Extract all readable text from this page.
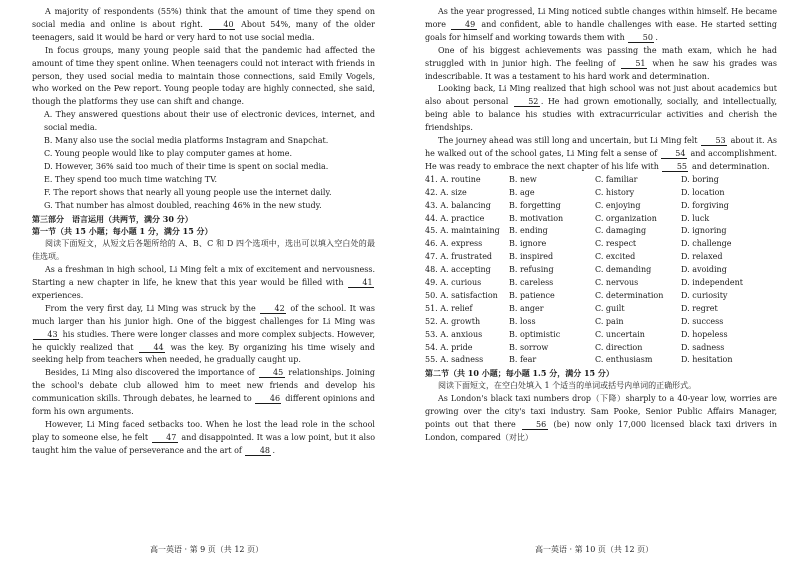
A majority of respondents (55%) think that the amount of time they spend on social media and online is about right.	40 About 54%, many of the older teenagers, said it would be hard or very hard to not use social media.

In focus groups, many young people said that the pandemic had affected the amount of time they spent online. When teenagers could not interact with friends in person, they used social media to maintain those connections, said Emily Vogels, who worked on the Pew report. Young people today are highly connected, she said, though the platforms they use can shift and change.

A. They answered questions about their use of electronic devices, internet, and social media.

B. Many also use the social media platforms Instagram and Snapchat.

C. Young people would like to play computer games at home.

D. However, 36% said too much of their time is spent on social media.

E. They spend too much time watching TV.

F. The report shows that nearly all young people use the internet daily.

G. That number has almost doubled, reaching 46% in the new study.

第三部分　语言运用（共两节，满分 30 分）

第一节（共 15 小题；每小题 1 分，满分 15 分）

阅读下面短文，从短文后各题所给的 A、B、C 和 D 四个选项中，选出可以填入空白处的最佳选项。

As a freshman in high school, Li Ming felt a mix of excitement and nervousness. Starting a new chapter in life, he knew that this year would be filled with 41 experiences.

From the very first day, Li Ming was struck by the 42 of the school. It was much larger than his junior high. One of the biggest challenges for Li Ming was 43 his studies. There were longer classes and more complex subjects. However, he quickly realized that 44 was the key. By organizing his time wisely and seeking help from teachers when needed, he gradually caught up.

Besides, Li Ming also discovered the importance of 45 relationships. Joining the school's debate club allowed him to meet new friends and develop his communication skills. Through debates, he learned to 46 different opinions and form his own arguments.

However, Li Ming faced setbacks too. When he lost the lead role in the school play to someone else, he felt 47 and disappointed. It was a low point, but it also taught him the value of perseverance and the art of 48 .

高一英语 · 第 9 页（共 12 页）

As the year progressed, Li Ming noticed subtle changes within himself. He became more 49 and confident, able to handle challenges with ease. He started setting goals for himself and working towards them with 50 .

One of his biggest achievements was passing the math exam, which he had struggled with in junior high. The feeling of 51 when he saw his grades was indescribable. It was a testament to his hard work and determination.

Looking back, Li Ming realized that high school was not just about academics but also about personal 52 . He had grown emotionally, socially, and intellectually, being able to balance his studies with extracurricular activities and cherish the friendships.

The journey ahead was still long and uncertain, but Li Ming felt 53 about it. As he walked out of the school gates, Li Ming felt a sense of 54 and accomplishment. He was ready to embrace the next chapter of his life with 55 and determination.

41. A. routine	B. new	C. familiar	D. boring
42. A. size	B. age	C. history	D. location
43. A. balancing	B. forgetting	C. enjoying	D. forgiving
44. A. practice	B. motivation	C. organization	D. luck
45. A. maintaining	B. ending	C. damaging	D. ignoring
46. A. express	B. ignore	C. respect	D. challenge
47. A. frustrated	B. inspired	C. excited	D. relaxed
48. A. accepting	B. refusing	C. demanding	D. avoiding
49. A. curious	B. careless	C. nervous	D. independent
50. A. satisfaction	B. patience	C. determination	D. curiosity
51. A. relief	B. anger	C. guilt	D. regret
52. A. growth	B. loss	C. pain	D. success
53. A. anxious	B. optimistic	C. uncertain	D. hopeless
54. A. pride	B. sorrow	C. direction	D. sadness
55. A. sadness	B. fear	C. enthusiasm	D. hesitation

第二节（共 10 小题；每小题 1.5 分，满分 15 分）

阅读下面短文，在空白处填入 1 个适当的单词或括号内单词的正确形式。

As London's black taxi numbers drop（下降）sharply to a 40-year low, worries are growing over the city's taxi industry. Sam Pooke, Senior Public Affairs Manager, points out that there	56 (be) now only 17,000 licensed black taxi drivers in London, compared（对比）

高一英语 · 第 10 页（共 12 页）
